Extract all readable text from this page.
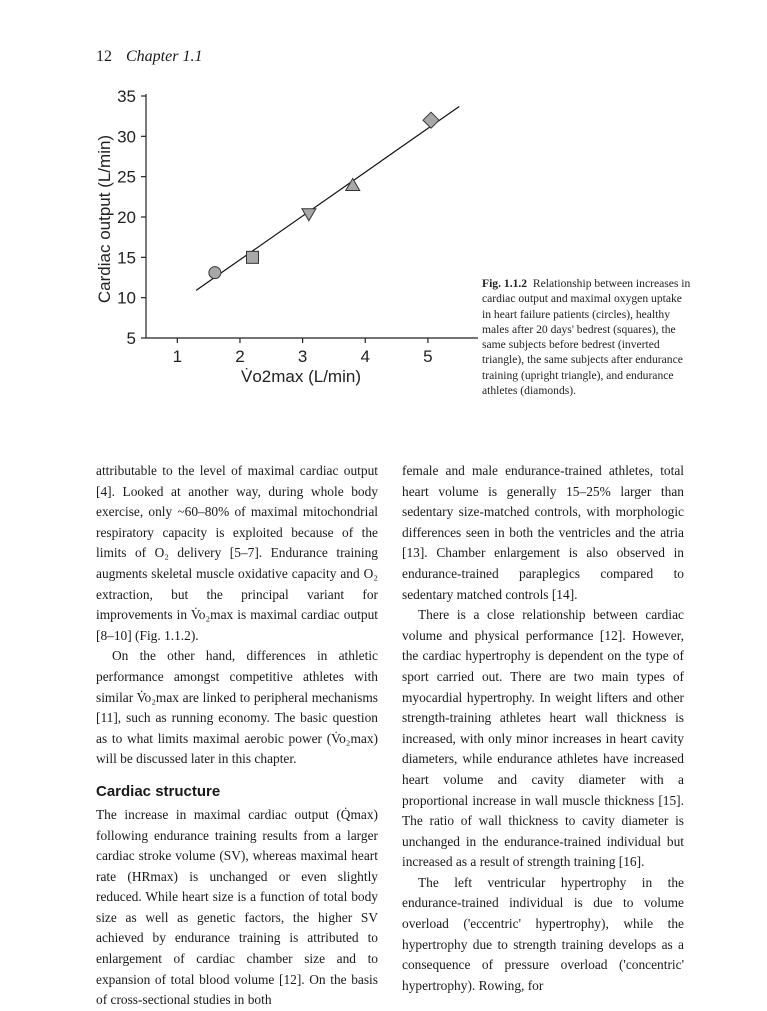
12 Chapter 1.1
5
10
15
20
25
30
35
1	2	3	4	5
Cardiac output (L/min)
V̇o2max (L/min)
Fig. 1.1.2 Relationship between increases in cardiac output and maximal oxygen uptake in heart failure patients (circles), healthy males after 20 days' bedrest (squares), the same subjects before bedrest (inverted triangle), the same subjects after endurance training (upright triangle), and endurance athletes (diamonds).

attributable to the level of maximal cardiac output [4]. Looked at another way, during whole body exercise, only ~60–80% of maximal mitochondrial respiratory capacity is exploited because of the limits of O₂ delivery [5–7]. Endurance training augments skeletal muscle oxidative capacity and O₂ extraction, but the principal variant for improvements in V̇o₂max is maximal cardiac output [8–10] (Fig. 1.1.2).

On the other hand, differences in athletic performance amongst competitive athletes with similar V̇o₂max are linked to peripheral mechanisms [11], such as running economy. The basic question as to what limits maximal aerobic power (V̇o₂max) will be discussed later in this chapter.

Cardiac structure

The increase in maximal cardiac output (Q̇max) following endurance training results from a larger cardiac stroke volume (SV), whereas maximal heart rate (HRmax) is unchanged or even slightly reduced. While heart size is a function of total body size as well as genetic factors, the higher SV achieved by endurance training is attributed to enlargement of cardiac chamber size and to expansion of total blood volume [12]. On the basis of cross-sectional studies in both

female and male endurance-trained athletes, total heart volume is generally 15–25% larger than sedentary size-matched controls, with morphologic differences seen in both the ventricles and the atria [13]. Chamber enlargement is also observed in endurance-trained paraplegics compared to sedentary matched controls [14].

There is a close relationship between cardiac volume and physical performance [12]. However, the cardiac hypertrophy is dependent on the type of sport carried out. There are two main types of myocardial hypertrophy. In weight lifters and other strength-training athletes heart wall thickness is increased, with only minor increases in heart cavity diameters, while endurance athletes have increased heart volume and cavity diameter with a proportional increase in wall muscle thickness [15]. The ratio of wall thickness to cavity diameter is unchanged in the endurance-trained individual but increased as a result of strength training [16].

The left ventricular hypertrophy in the endurance-trained individual is due to volume overload ('eccentric' hypertrophy), while the hypertrophy due to strength training develops as a consequence of pressure overload ('concentric' hypertrophy). Rowing, for
